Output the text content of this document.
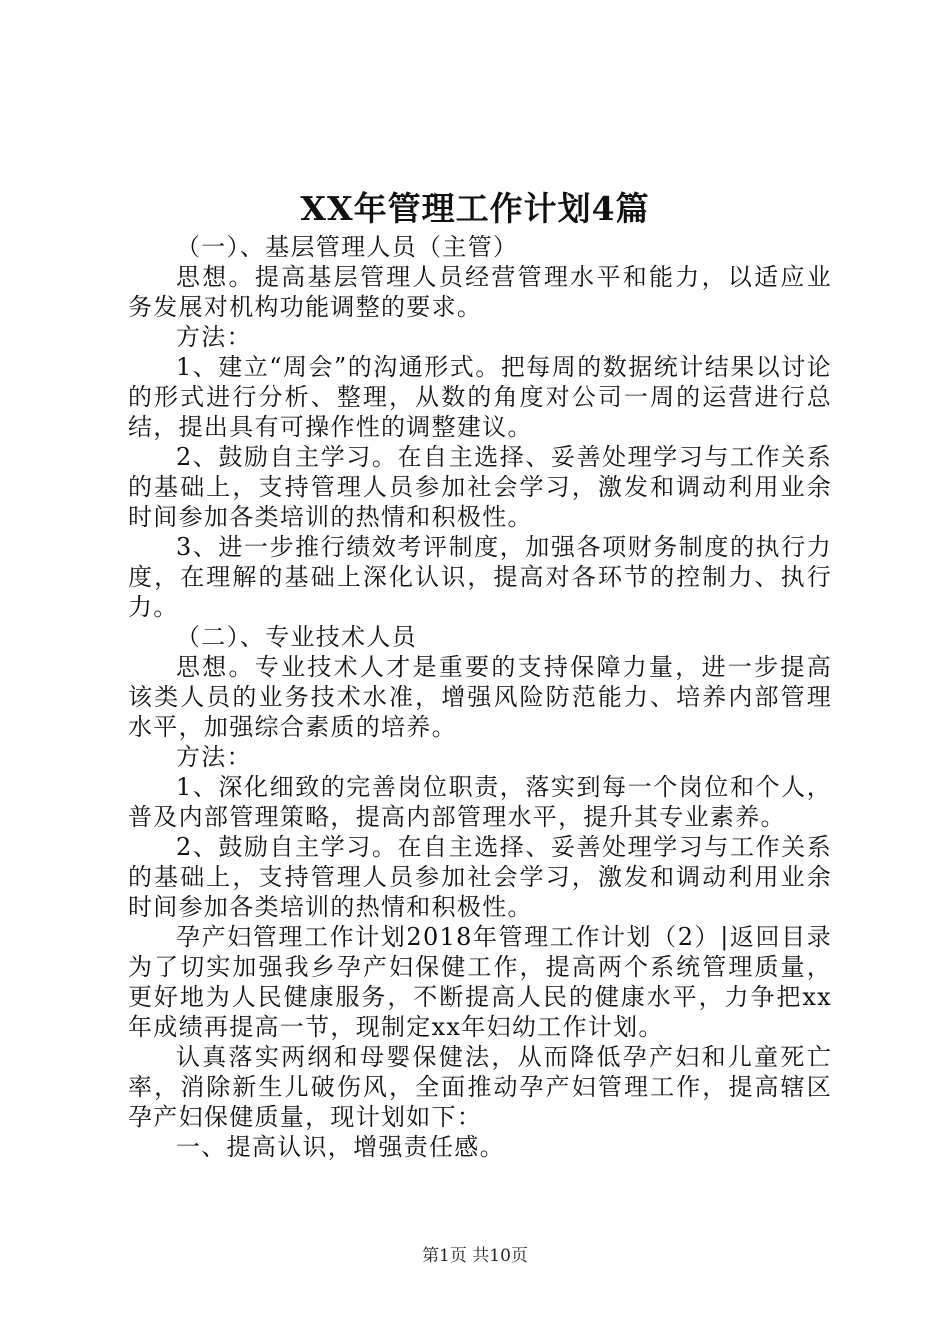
XX年管理工作计划4篇

（一）、基层管理人员（主管）

思想。提高基层管理人员经营管理水平和能力，以适应业务发展对机构功能调整的要求。

方法：

1、建立“周会”的沟通形式。把每周的数据统计结果以讨论的形式进行分析、整理，从数的角度对公司一周的运营进行总结，提出具有可操作性的调整建议。

2、鼓励自主学习。在自主选择、妥善处理学习与工作关系的基础上，支持管理人员参加社会学习，激发和调动利用业余时间参加各类培训的热情和积极性。

3、进一步推行绩效考评制度，加强各项财务制度的执行力度，在理解的基础上深化认识，提高对各环节的控制力、执行力。

（二）、专业技术人员

思想。专业技术人才是重要的支持保障力量，进一步提高该类人员的业务技术水准，增强风险防范能力、培养内部管理水平，加强综合素质的培养。

方法：

1、深化细致的完善岗位职责，落实到每一个岗位和个人，普及内部管理策略，提高内部管理水平，提升其专业素养。

2、鼓励自主学习。在自主选择、妥善处理学习与工作关系的基础上，支持管理人员参加社会学习，激发和调动利用业余时间参加各类培训的热情和积极性。

孕产妇管理工作计划2018年管理工作计划（2）|返回目录为了切实加强我乡孕产妇保健工作，提高两个系统管理质量，更好地为人民健康服务，不断提高人民的健康水平，力争把xx年成绩再提高一节，现制定xx年妇幼工作计划。

认真落实两纲和母婴保健法，从而降低孕产妇和儿童死亡率，消除新生儿破伤风，全面推动孕产妇管理工作，提高辖区孕产妇保健质量，现计划如下：

一、提高认识，增强责任感。

第1页 共10页
